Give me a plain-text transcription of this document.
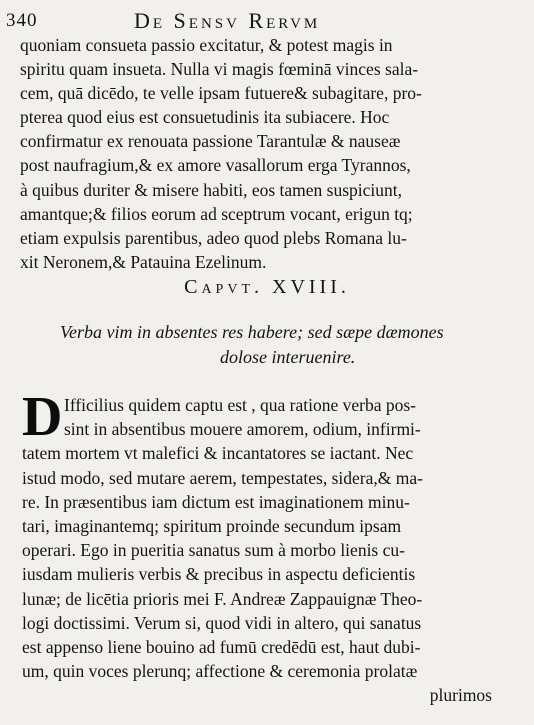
340	De Sensv Rervm
quoniam consueta passio excitatur, & potest magis in
spiritu quam insueta. Nulla vi magis fœminā vinces sala-
cem, quā dicēdo, te velle ipsam futuere& subagitare, pro-
pterea quod eius est consuetudinis ita subiacere. Hoc
confirmatur ex renouata passione Tarantulæ & nauseæ
post naufragium,& ex amore vasallorum erga Tyrannos,
à quibus duriter & misere habiti, eos tamen suspiciunt,
amantque;& filios eorum ad sceptrum vocant, erigun tq;
etiam expulsis parentibus, adeo quod plebs Romana lu-
xit Neronem,& Patauina Ezelinum.
Capvt. XVIII.
Verba vim in absentes res habere; sed sæpe dæmones
dolose interuenire.
D Ifficilius quidem captu est , qua ratione verba pos-
sint in absentibus mouere amorem, odium, infirmi-
tatem mortem vt malefici & incantatores se iactant. Nec
istud modo, sed mutare aerem, tempestates, sidera,& ma-
re. In præsentibus iam dictum est imaginationem minu-
tari, imaginantemq; spiritum proinde secundum ipsam
operari. Ego in pueritia sanatus sum à morbo lienis cu-
iusdam mulieris verbis & precibus in aspectu deficientis
lunæ; de licētia prioris mei F. Andreæ Zappauignæ Theo-
logi doctissimi. Verum si, quod vidi in altero, qui sanatus
est appenso liene bouino ad fumū credēdū est, haut dubi-
um, quin voces plerunq; affectione & ceremonia prolatæ
plurimos
